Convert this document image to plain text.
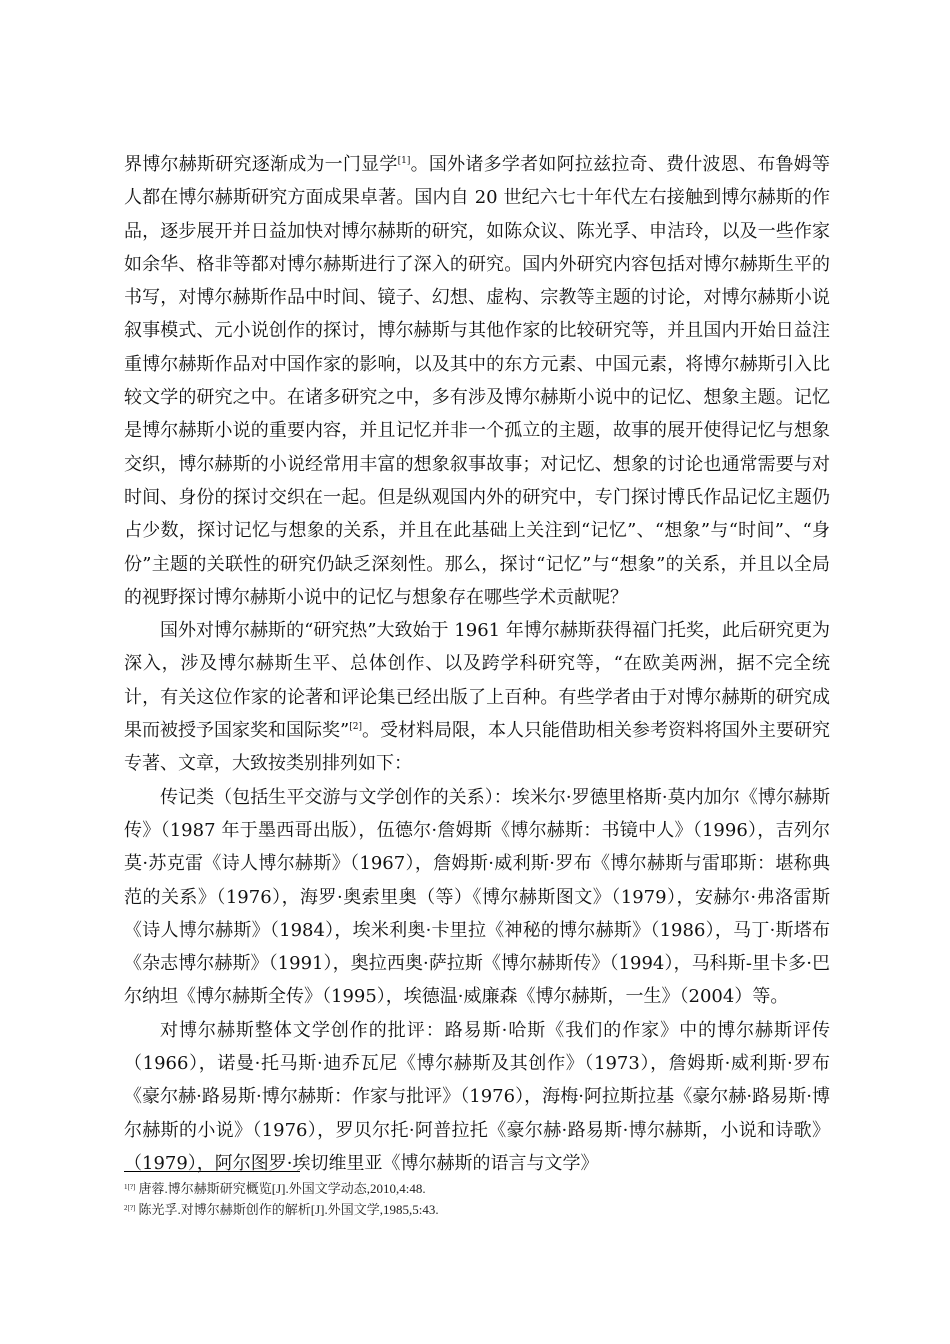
界博尔赫斯研究逐渐成为一门显学[1]。国外诸多学者如阿拉兹拉奇、费什波恩、布鲁姆等人都在博尔赫斯研究方面成果卓著。国内自 20 世纪六七十年代左右接触到博尔赫斯的作品，逐步展开并日益加快对博尔赫斯的研究，如陈众议、陈光孚、申洁玲，以及一些作家如余华、格非等都对博尔赫斯进行了深入的研究。国内外研究内容包括对博尔赫斯生平的书写，对博尔赫斯作品中时间、镜子、幻想、虚构、宗教等主题的讨论，对博尔赫斯小说叙事模式、元小说创作的探讨，博尔赫斯与其他作家的比较研究等，并且国内开始日益注重博尔赫斯作品对中国作家的影响，以及其中的东方元素、中国元素，将博尔赫斯引入比较文学的研究之中。在诸多研究之中，多有涉及博尔赫斯小说中的记忆、想象主题。记忆是博尔赫斯小说的重要内容，并且记忆并非一个孤立的主题，故事的展开使得记忆与想象交织，博尔赫斯的小说经常用丰富的想象叙事故事；对记忆、想象的讨论也通常需要与对时间、身份的探讨交织在一起。但是纵观国内外的研究中，专门探讨博氏作品记忆主题仍占少数，探讨记忆与想象的关系，并且在此基础上关注到“记忆”、“想象”与“时间”、“身份”主题的关联性的研究仍缺乏深刻性。那么，探讨“记忆”与“想象”的关系，并且以全局的视野探讨博尔赫斯小说中的记忆与想象存在哪些学术贡献呢？

国外对博尔赫斯的“研究热”大致始于 1961 年博尔赫斯获得福门托奖，此后研究更为深入，涉及博尔赫斯生平、总体创作、以及跨学科研究等，“在欧美两洲，据不完全统计，有关这位作家的论著和评论集已经出版了上百种。有些学者由于对博尔赫斯的研究成果而被授予国家奖和国际奖”[2]。受材料局限，本人只能借助相关参考资料将国外主要研究专著、文章，大致按类别排列如下：

传记类（包括生平交游与文学创作的关系）：埃米尔·罗德里格斯·莫内加尔《博尔赫斯传》（1987 年于墨西哥出版），伍德尔·詹姆斯《博尔赫斯：书镜中人》（1996），吉列尔莫·苏克雷《诗人博尔赫斯》（1967），詹姆斯·威利斯·罗布《博尔赫斯与雷耶斯：堪称典范的关系》（1976），海罗·奥索里奥（等）《博尔赫斯图文》（1979），安赫尔·弗洛雷斯《诗人博尔赫斯》（1984），埃米利奥·卡里拉《神秘的博尔赫斯》（1986），马丁·斯塔布《杂志博尔赫斯》（1991），奥拉西奥·萨拉斯《博尔赫斯传》（1994），马科斯-里卡多·巴尔纳坦《博尔赫斯全传》（1995），埃德温·威廉森《博尔赫斯，一生》（2004）等。

对博尔赫斯整体文学创作的批评：路易斯·哈斯《我们的作家》中的博尔赫斯评传（1966），诺曼·托马斯·迪乔瓦尼《博尔赫斯及其创作》（1973），詹姆斯·威利斯·罗布《豪尔赫·路易斯·博尔赫斯：作家与批评》（1976），海梅·阿拉斯拉基《豪尔赫·路易斯·博尔赫斯的小说》（1976），罗贝尔托·阿普拉托《豪尔赫·路易斯·博尔赫斯，小说和诗歌》（1979），阿尔图罗·埃切维里亚《博尔赫斯的语言与文学》

$^{1[?]}$ 唐蓉.博尔赫斯研究概览[J].外国文学动态,2010,4:48.
$^{2[?]}$ 陈光孚.对博尔赫斯创作的解析[J].外国文学,1985,5:43.
